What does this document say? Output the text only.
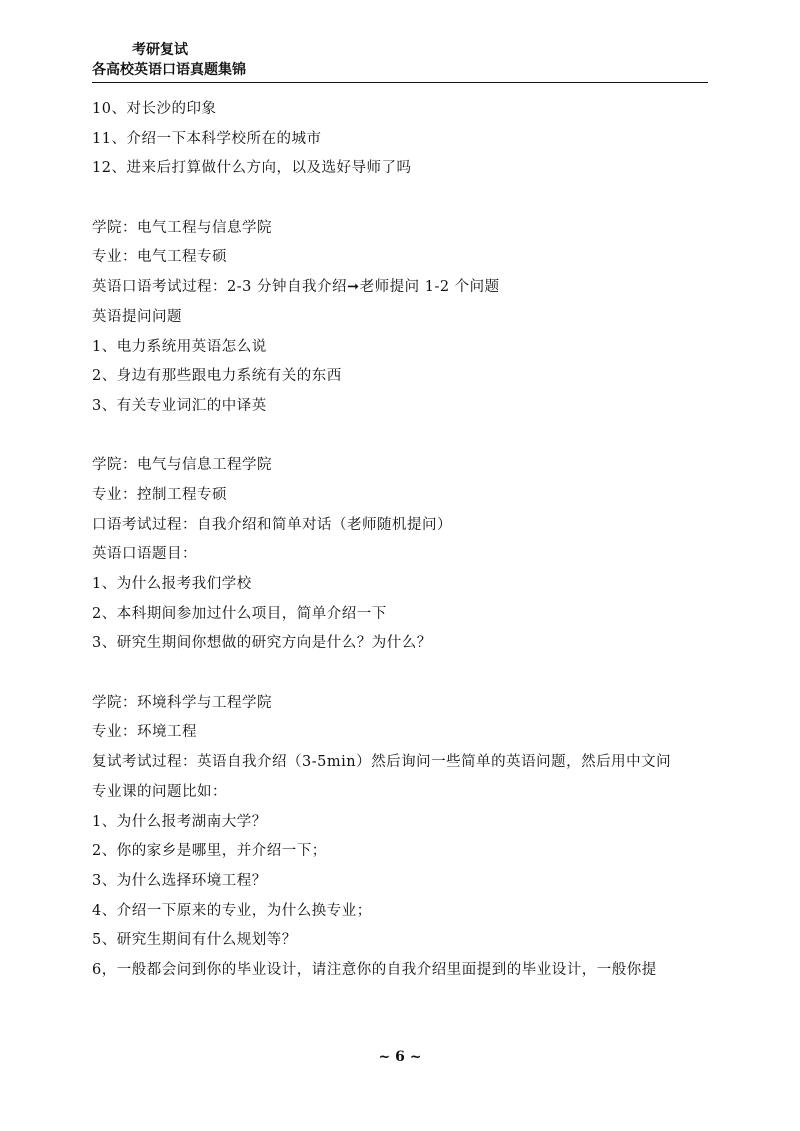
考研复试
各高校英语口语真题集锦
10、对长沙的印象
11、介绍一下本科学校所在的城市
12、进来后打算做什么方向，以及选好导师了吗
学院：电气工程与信息学院
专业：电气工程专硕
英语口语考试过程：2-3 分钟自我介绍➞老师提问 1-2 个问题
英语提问问题
1、电力系统用英语怎么说
2、身边有那些跟电力系统有关的东西
3、有关专业词汇的中译英
学院：电气与信息工程学院
专业：控制工程专硕
口语考试过程：自我介绍和简单对话（老师随机提问）
英语口语题目：
1、为什么报考我们学校
2、本科期间参加过什么项目，简单介绍一下
3、研究生期间你想做的研究方向是什么？为什么？
学院：环境科学与工程学院
专业：环境工程
复试考试过程：英语自我介绍（3-5min）然后询问一些简单的英语问题，然后用中文问
专业课的问题比如：
1、为什么报考湖南大学？
2、你的家乡是哪里，并介绍一下；
3、为什么选择环境工程？
4、介绍一下原来的专业，为什么换专业；
5、研究生期间有什么规划等？
6，一般都会问到你的毕业设计，请注意你的自我介绍里面提到的毕业设计，一般你提
~ 6 ~
